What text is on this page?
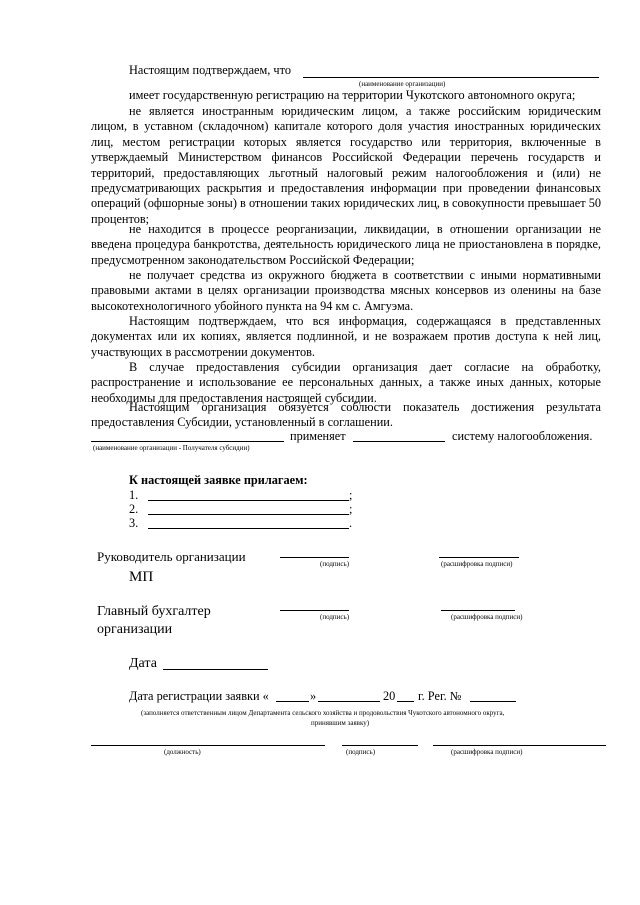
Настоящим подтверждаем, что
(наименование организации)
имеет государственную регистрацию на территории Чукотского автономного округа;
не является иностранным юридическим лицом, а также российским юридическим лицом, в уставном (складочном) капитале которого доля участия иностранных юридических лиц, местом регистрации которых является государство или территория, включенные в утверждаемый Министерством финансов Российской Федерации перечень государств и территорий, предоставляющих льготный налоговый режим налогообложения и (или) не предусматривающих раскрытия и предоставления информации при проведении финансовых операций (офшорные зоны) в отношении таких юридических лиц, в совокупности превышает 50 процентов;
не находится в процессе реорганизации, ликвидации, в отношении организации не введена процедура банкротства, деятельность юридического лица не приостановлена в порядке, предусмотренном законодательством Российской Федерации;
не получает средства из окружного бюджета в соответствии с иными нормативными правовыми актами в целях организации производства мясных консервов из оленины на базе высокотехнологичного убойного пункта на 94 км с. Амгуэма.
Настоящим подтверждаем, что вся информация, содержащаяся в представленных документах или их копиях, является подлинной, и не возражаем против доступа к ней лиц, участвующих в рассмотрении документов.
В случае предоставления субсидии организация дает согласие на обработку, распространение и использование ее персональных данных, а также иных данных, которые необходимы для предоставления настоящей субсидии.
Настоящим организация обязуется соблюсти показатель достижения результата предоставления Субсидии, установленный в соглашении.
применяет	систему налогообложения.
(наименование организации - Получателя субсидии)
К настоящей заявке прилагаем:
1.	;
2.	;
3.	.
Руководитель организации	(подпись)	(расшифровка подписи)
МП
Главный бухгалтер
организации
(подпись)	(расшифровка подписи)
Дата
Дата регистрации заявки «	»	20 г. Рег. №
(заполняется ответственным лицом Департамента сельского хозяйства и продовольствия Чукотского автономного округа,
принявшим заявку)
(должность)	(подпись)	(расшифровка подписи)
